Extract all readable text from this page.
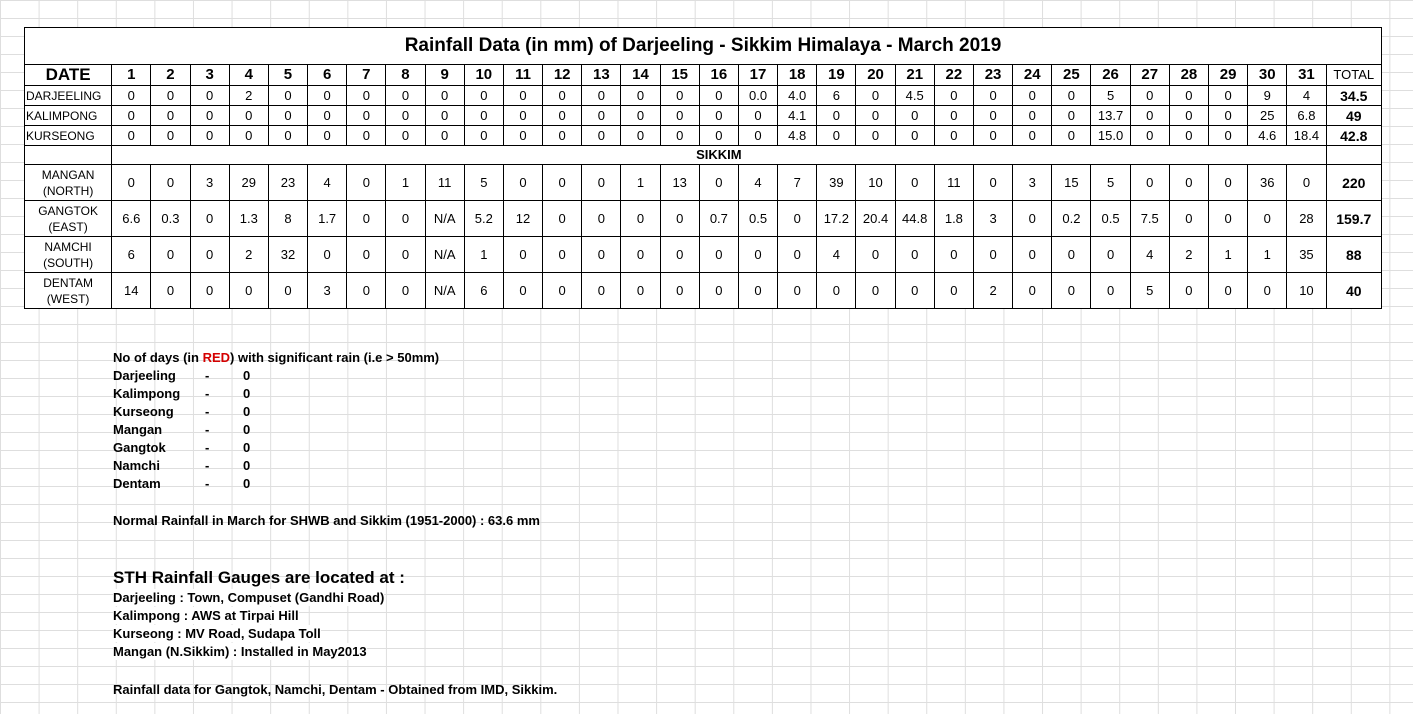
Rainfall Data (in mm) of Darjeeling - Sikkim Himalaya - March 2019																																
DATE	1	2	3	4	5	6	7	8	9	10	11	12	13	14	15	16	17	18	19	20	21	22	23	24	25	26	27	28	29	30	31	TOTAL
DARJEELING	0	0	0	2	0	0	0	0	0	0	0	0	0	0	0	0	0.0	4.0	6	0	4.5	0	0	0	0	5	0	0	0	9	4	34.5
KALIMPONG	0	0	0	0	0	0	0	0	0	0	0	0	0	0	0	0	0	4.1	0	0	0	0	0	0	0	13.7	0	0	0	25	6.8	49
KURSEONG	0	0	0	0	0	0	0	0	0	0	0	0	0	0	0	0	0	4.8	0	0	0	0	0	0	0	15.0	0	0	0	4.6	18.4	42.8
	SIKKIM																															

MANGAN
(NORTH)	0	0	3	29	23	4	0	1	11	5	0	0	0	1	13	0	4	7	39	10	0	11	0	3	15	5	0	0	0	36	0	220

GANGTOK
(EAST)	6.6	0.3	0	1.3	8	1.7	0	0	N/A	5.2	12	0	0	0	0	0.7	0.5	0	17.2	20.4	44.8	1.8	3	0	0.2	0.5	7.5	0	0	0	28	159.7

NAMCHI
(SOUTH)	6	0	0	2	32	0	0	0	N/A	1	0	0	0	0	0	0	0	0	4	0	0	0	0	0	0	0	4	2	1	1	35	88

DENTAM
(WEST)	14	0	0	0	0	3	0	0	N/A	6	0	0	0	0	0	0	0	0	0	0	0	0	2	0	0	0	5	0	0	0	10	40
No of days (in RED) with significant rain (i.e > 50mm)
Darjeeling -	0
Kalimpong -	0
Kurseong -	0
Mangan	-	0
Gangtok	-	0
Namchi	-	0
Dentam	-	0
Normal Rainfall in March for SHWB and Sikkim (1951-2000) : 63.6 mm
STH Rainfall Gauges are located at :
Darjeeling : Town, Compuset (Gandhi Road)
Kalimpong : AWS at Tirpai Hill
Kurseong : MV Road, Sudapa Toll
Mangan (N.Sikkim) : Installed in May2013
Rainfall data for Gangtok, Namchi, Dentam - Obtained from IMD, Sikkim.
